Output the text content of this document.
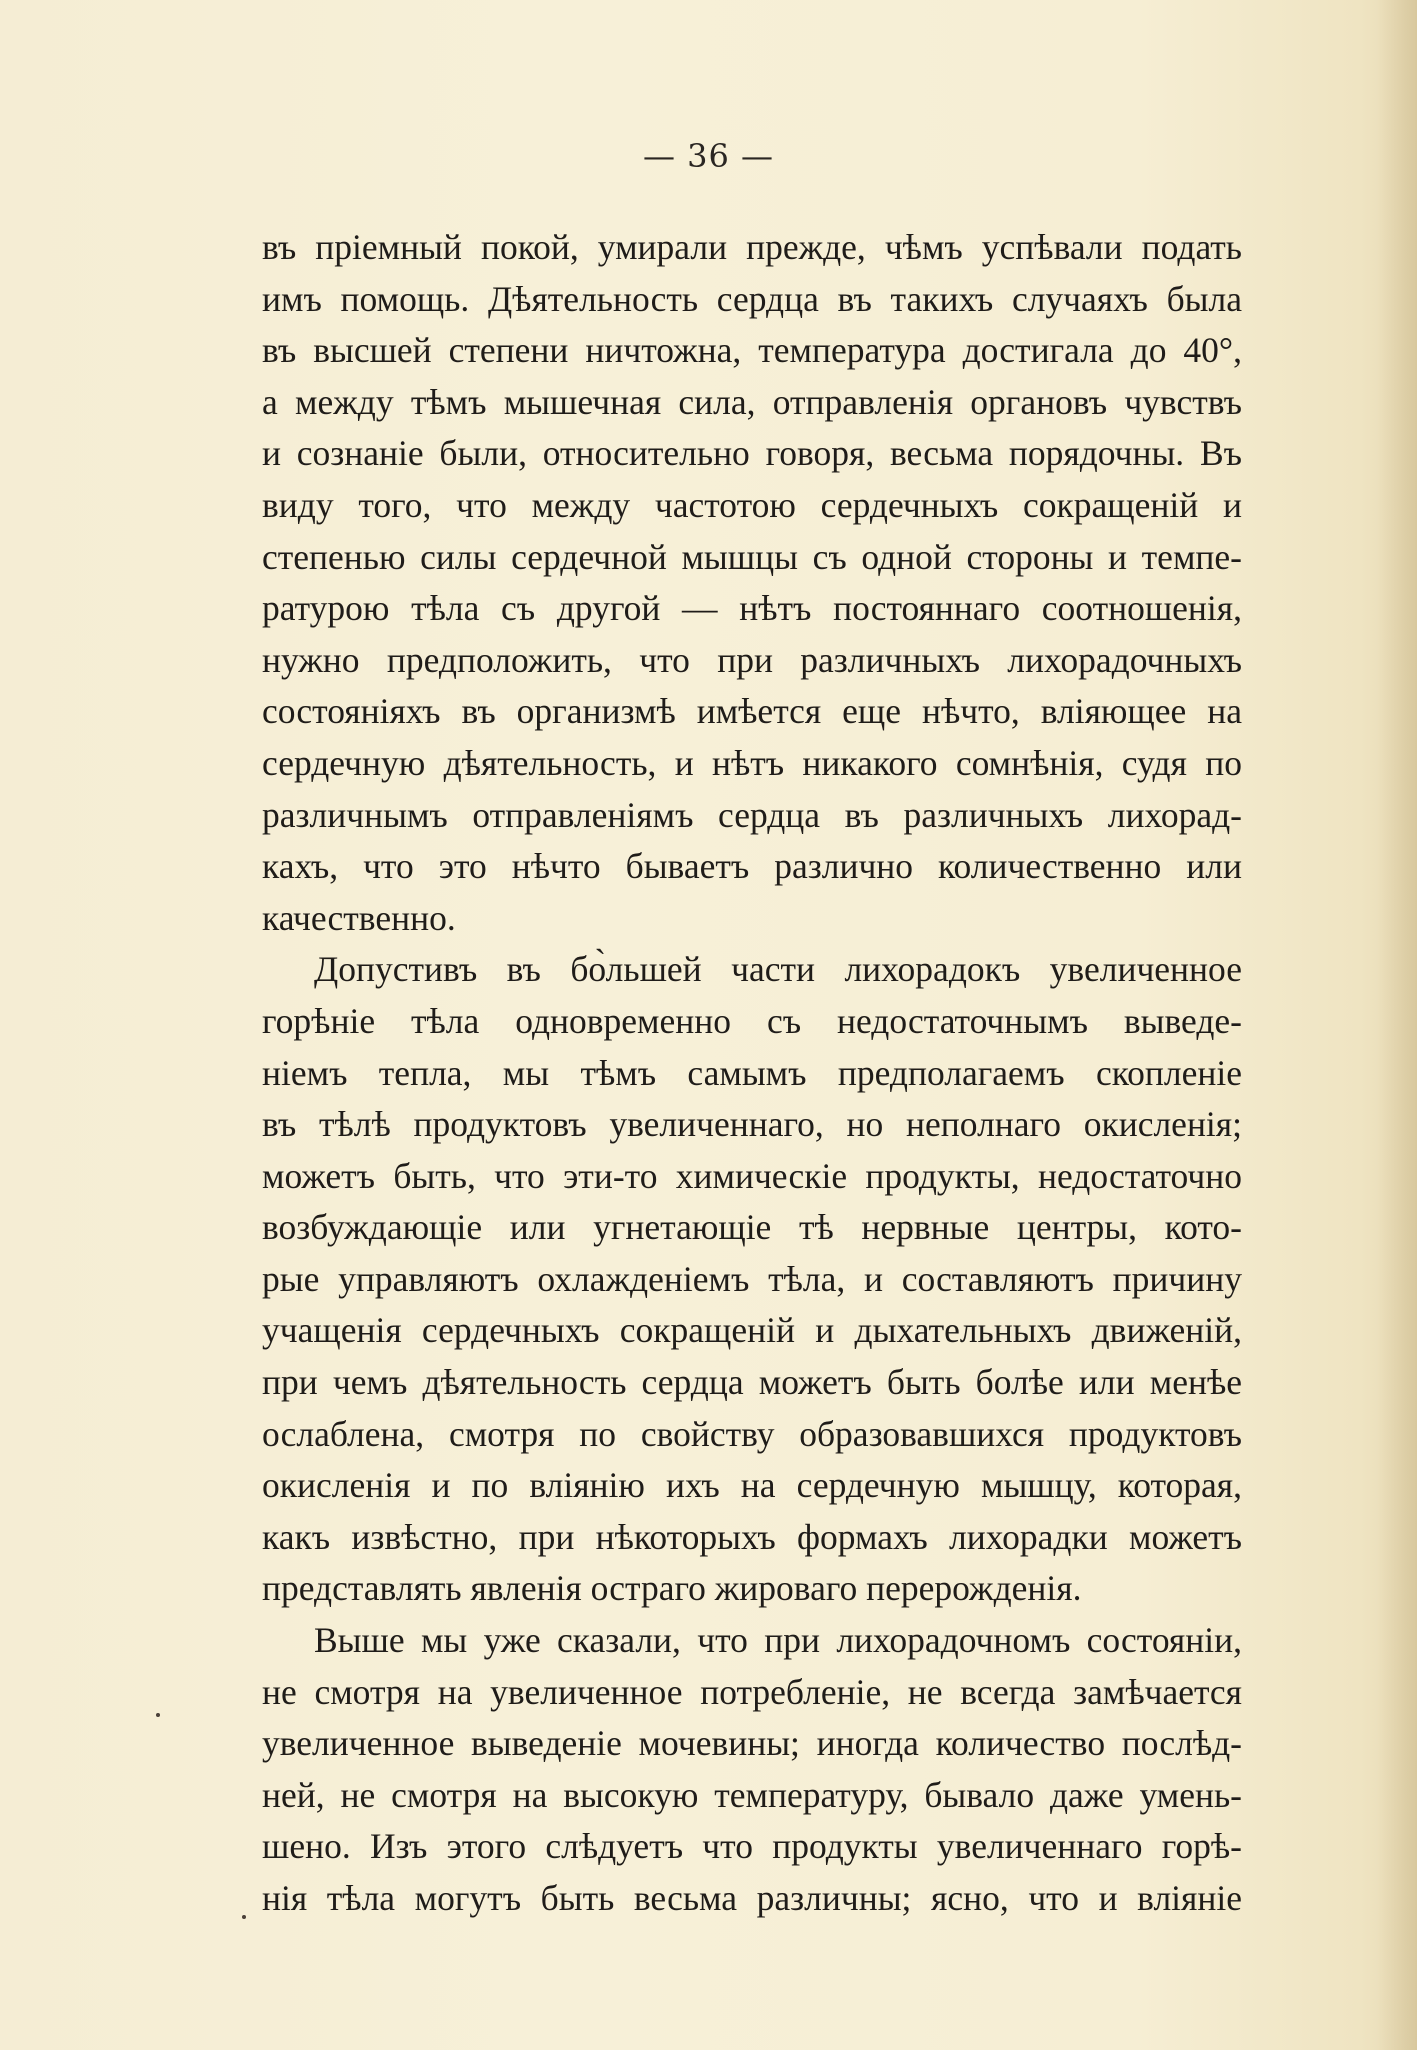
— 36 —
въ пріемный покой, умирали прежде, чѣмъ успѣвали подать
имъ помощь. Дѣятельность сердца въ такихъ случаяхъ была
въ высшей степени ничтожна, температура достигала до 40°,
а между тѣмъ мышечная сила, отправленія органовъ чувствъ
и сознаніе были, относительно говоря, весьма порядочны. Въ
виду того, что между частотою сердечныхъ сокращеній и
степенью силы сердечной мышцы съ одной стороны и темпе-
ратурою тѣла съ другой — нѣтъ постояннаго соотношенія,
нужно предположить, что при различныхъ лихорадочныхъ
состояніяхъ въ организмѣ имѣется еще нѣчто, вліяющее на
сердечную дѣятельность, и нѣтъ никакого сомнѣнія, судя по
различнымъ отправленіямъ сердца въ различныхъ лихорад-
кахъ, что это нѣчто бываетъ различно количественно или
качественно.
Допустивъ въ бо̀льшей части лихорадокъ увеличенное
горѣніе тѣла одновременно съ недостаточнымъ выведе-
ніемъ тепла, мы тѣмъ самымъ предполагаемъ скопленіе
въ тѣлѣ продуктовъ увеличеннаго, но неполнаго окисленія;
можетъ быть, что эти-то химическіе продукты, недостаточно
возбуждающіе или угнетающіе тѣ нервные центры, кото-
рые управляютъ охлажденіемъ тѣла, и составляютъ причину
учащенія сердечныхъ сокращеній и дыхательныхъ движеній,
при чемъ дѣятельность сердца можетъ быть болѣе или менѣе
ослаблена, смотря по свойству образовавшихся продуктовъ
окисленія и по вліянію ихъ на сердечную мышцу, которая,
какъ извѣстно, при нѣкоторыхъ формахъ лихорадки можетъ
представлять явленія остраго жироваго перерожденія.
Выше мы уже сказали, что при лихорадочномъ состояніи,
не смотря на увеличенное потребленіе, не всегда замѣчается
увеличенное выведеніе мочевины; иногда количество послѣд-
ней, не смотря на высокую температуру, бывало даже умень-
шено. Изъ этого слѣдуетъ что продукты увеличеннаго горѣ-
нія тѣла могутъ быть весьма различны; ясно, что и вліяніе
